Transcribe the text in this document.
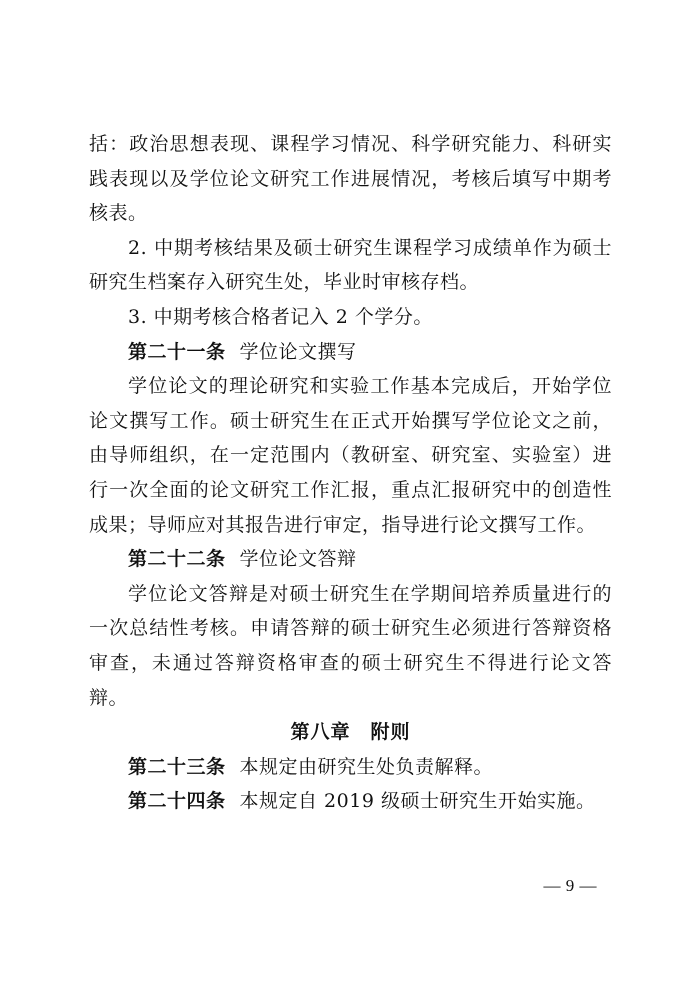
括：政治思想表现、课程学习情况、科学研究能力、科研实践表现以及学位论文研究工作进展情况，考核后填写中期考核表。

2. 中期考核结果及硕士研究生课程学习成绩单作为硕士研究生档案存入研究生处，毕业时审核存档。

3. 中期考核合格者记入 2 个学分。

第二十一条 学位论文撰写

学位论文的理论研究和实验工作基本完成后，开始学位论文撰写工作。硕士研究生在正式开始撰写学位论文之前，由导师组织，在一定范围内（教研室、研究室、实验室）进行一次全面的论文研究工作汇报，重点汇报研究中的创造性成果；导师应对其报告进行审定，指导进行论文撰写工作。

第二十二条 学位论文答辩

学位论文答辩是对硕士研究生在学期间培养质量进行的一次总结性考核。申请答辩的硕士研究生必须进行答辩资格审查，未通过答辩资格审查的硕士研究生不得进行论文答辩。

第八章　附则

第二十三条 本规定由研究生处负责解释。

第二十四条 本规定自 2019 级硕士研究生开始实施。

— 9 —
